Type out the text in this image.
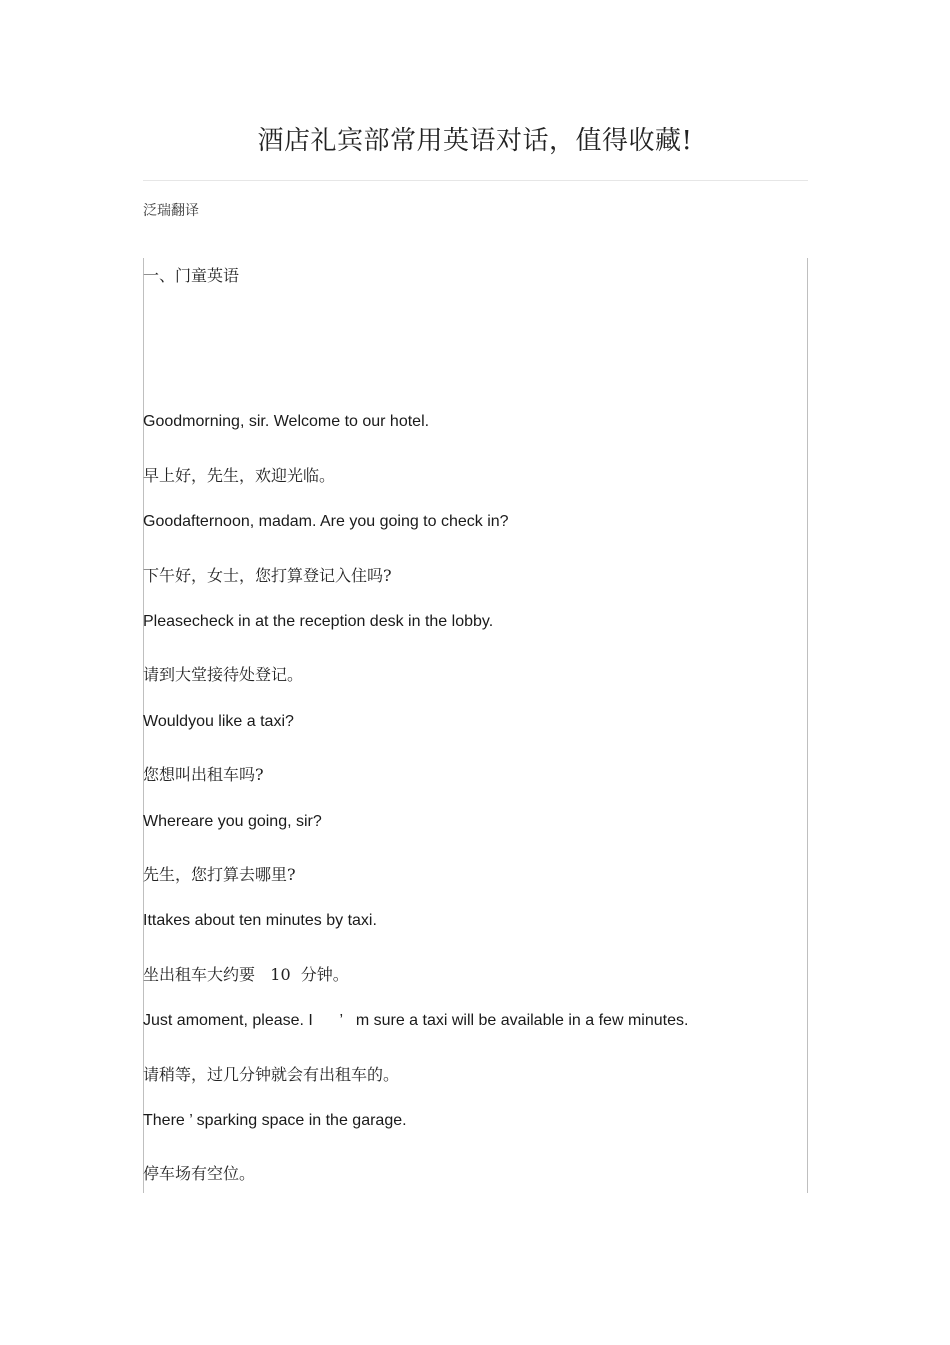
酒店礼宾部常用英语对话，值得收藏!
泛瑞翻译
一、门童英语
Goodmorning, sir. Welcome to our hotel.
早上好，先生，欢迎光临。
Goodafternoon, madam. Are you going to check in?
下午好，女士，您打算登记入住吗?
Pleasecheck in at the reception desk in the lobby.
请到大堂接待处登记。
Wouldyou like a taxi?
您想叫出租车吗?
Whereare you going, sir?
先生，您打算去哪里?
Ittakes about ten minutes by taxi.
坐出租车大约要   10  分钟。
Just amoment, please. I      ’   m sure a taxi will be available in a few minutes.
请稍等，过几分钟就会有出租车的。
There ’ sparking space in the garage.
停车场有空位。
